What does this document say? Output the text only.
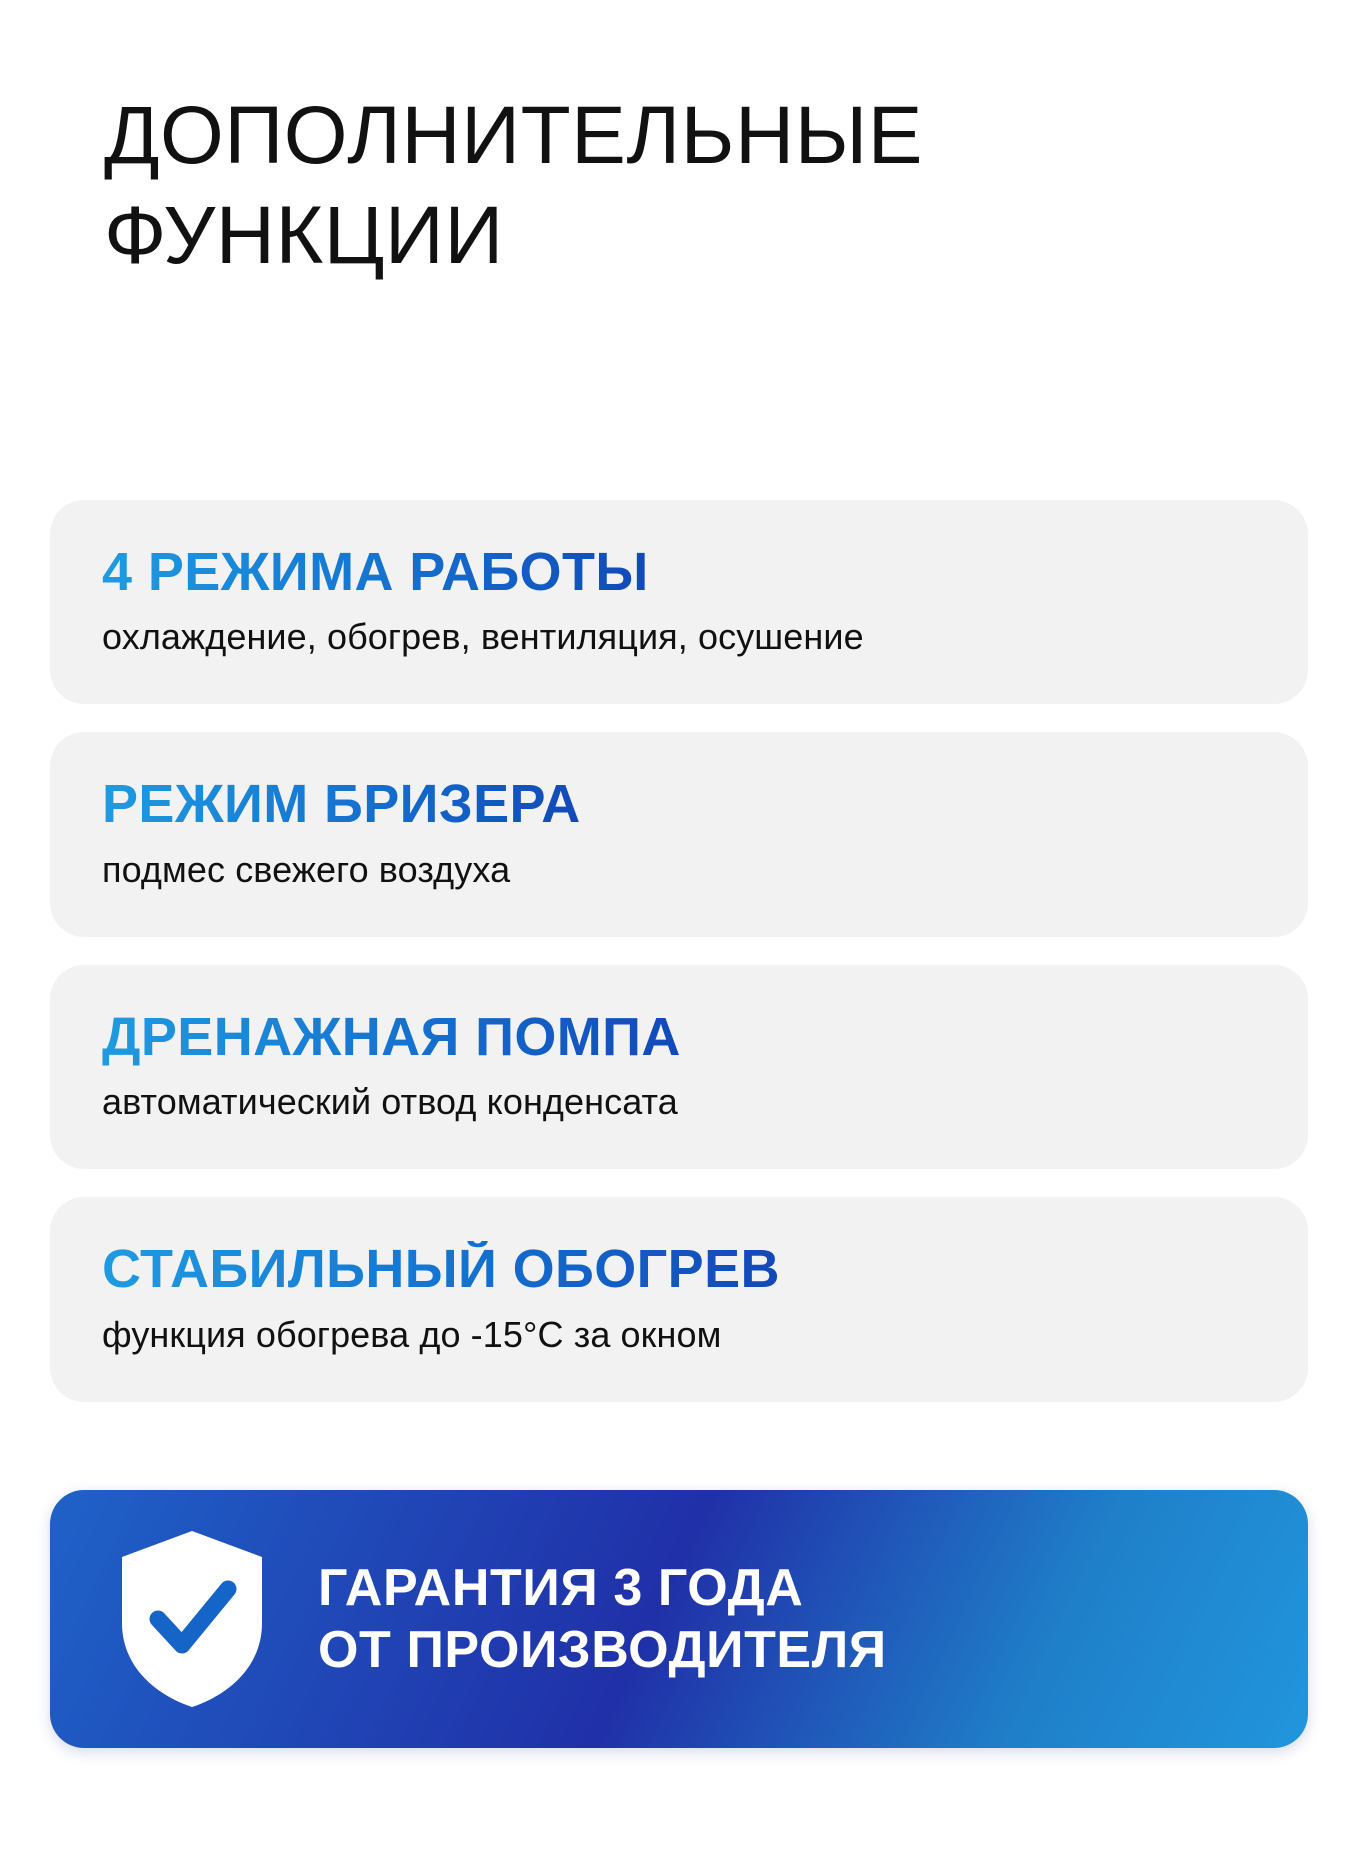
ДОПОЛНИТЕЛЬНЫЕ
ФУНКЦИИ
4 РЕЖИМА РАБОТЫ
охлаждение, обогрев, вентиляция, осушение
РЕЖИМ БРИЗЕРА
подмес свежего воздуха
ДРЕНАЖНАЯ ПОМПА
автоматический отвод конденсата
СТАБИЛЬНЫЙ ОБОГРЕВ
функция обогрева до -15°C за окном
ГАРАНТИЯ 3 ГОДА
ОТ ПРОИЗВОДИТЕЛЯ
